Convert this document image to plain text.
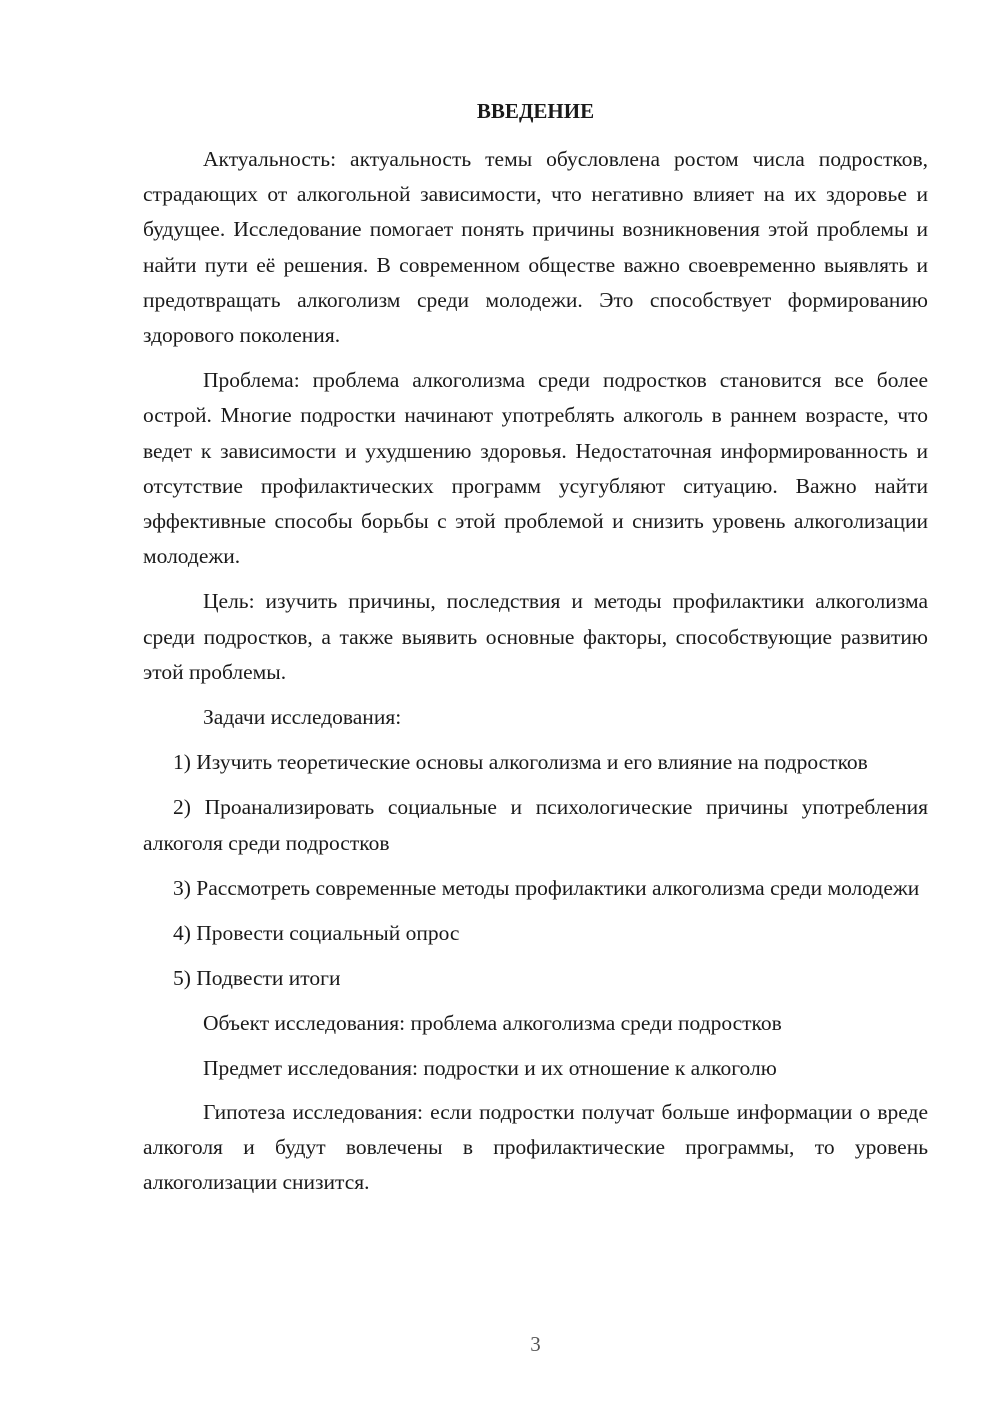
ВВЕДЕНИЕ

Актуальность: актуальность темы обусловлена ростом числа подростков, страдающих от алкогольной зависимости, что негативно влияет на их здоровье и будущее. Исследование помогает понять причины возникновения этой проблемы и найти пути её решения. В современном обществе важно своевременно выявлять и предотвращать алкоголизм среди молодежи. Это способствует формированию здорового поколения.

Проблема: проблема алкоголизма среди подростков становится все более острой. Многие подростки начинают употреблять алкоголь в раннем возрасте, что ведет к зависимости и ухудшению здоровья. Недостаточная информированность и отсутствие профилактических программ усугубляют ситуацию. Важно найти эффективные способы борьбы с этой проблемой и снизить уровень алкоголизации молодежи.

Цель: изучить причины, последствия и методы профилактики алкоголизма среди подростков, а также выявить основные факторы, способствующие развитию этой проблемы.

Задачи исследования:

1) Изучить теоретические основы алкоголизма и его влияние на подростков

2) Проанализировать социальные и психологические причины употребления алкоголя среди подростков

3) Рассмотреть современные методы профилактики алкоголизма среди молодежи

4) Провести социальный опрос

5) Подвести итоги

Объект исследования: проблема алкоголизма среди подростков

Предмет исследования: подростки и их отношение к алкоголю

Гипотеза исследования: если подростки получат больше информации о вреде алкоголя и будут вовлечены в профилактические программы, то уровень алкоголизации снизится.

3
